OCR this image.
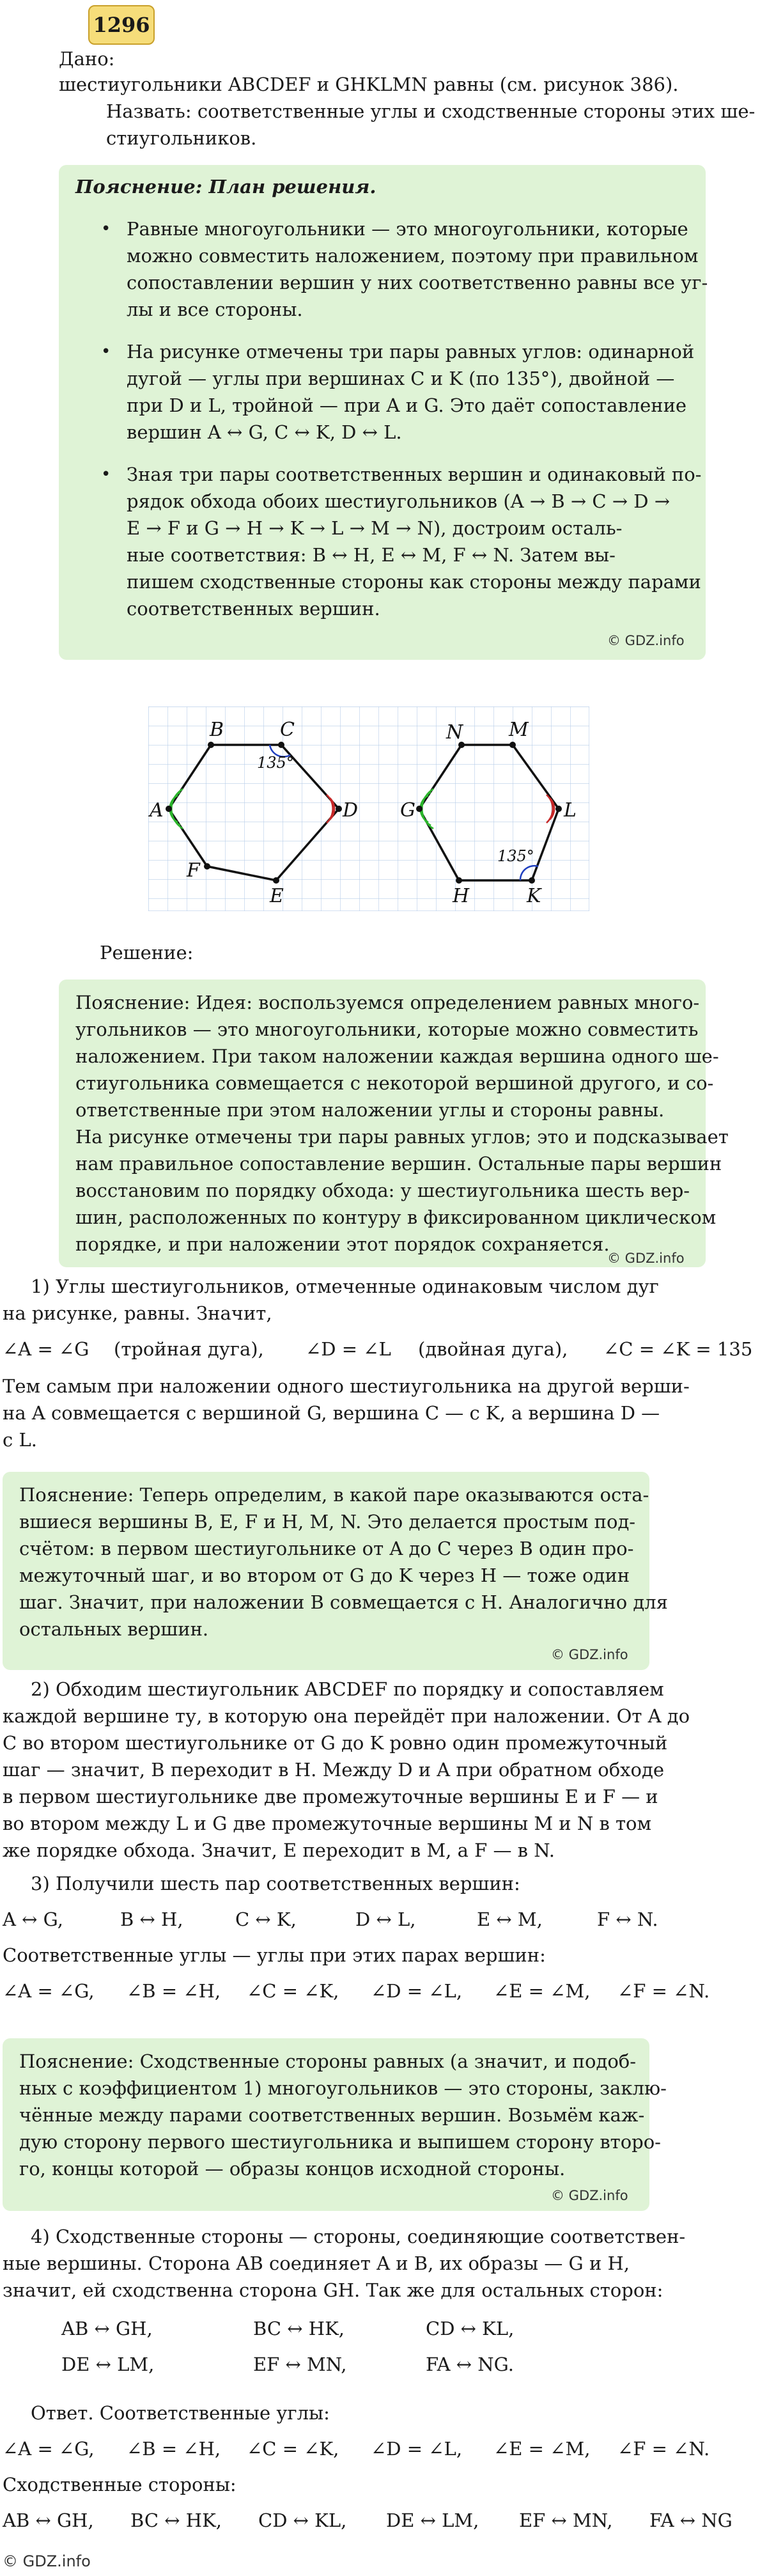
1296
Дано:
шестиугольники ABCDEF и GHKLMN равны (см. рисунок 386).
Назвать: соответственные углы и сходственные стороны этих ше-
стиугольников.
Пояснение: План решения.
• Равные многоугольники — это многоугольники, которые
можно совместить наложением, поэтому при правильном
сопоставлении вершин у них соответственно равны все уг-
лы и все стороны.
• На рисунке отмечены три пары равных углов: одинарной
дугой — углы при вершинах C и K (по 135°), двойной —
при D и L, тройной — при A и G. Это даёт сопоставление
вершин A ↔ G, C ↔ K, D ↔ L.
• Зная три пары соответственных вершин и одинаковый по-
рядок обхода обоих шестиугольников (A → B → C → D →
E → F и G → H → K → L → M → N), достроим осталь-
ные соответствия: B ↔ H, E ↔ M, F ↔ N. Затем вы-
пишем сходственные стороны как стороны между парами
соответственных вершин.
© GDZ.info
A
B	C
D
E
F
G
H	K
L
M
N
135°
135°
Решение:
Пояснение: Идея: воспользуемся определением равных много-
угольников — это многоугольники, которые можно совместить
наложением. При таком наложении каждая вершина одного ше-
стиугольника совмещается с некоторой вершиной другого, и со-
ответственные при этом наложении углы и стороны равны.
На рисунке отмечены три пары равных углов; это и подсказывает
нам правильное сопоставление вершин. Остальные пары вершин
восстановим по порядку обхода: у шестиугольника шесть вер-
шин, расположенных по контуру в фиксированном циклическом
порядке, и при наложении этот порядок сохраняется.
© GDZ.info
1) Углы шестиугольников, отмеченные одинаковым числом дуг
на рисунке, равны. Значит,
∠A = ∠G (тройная дуга), ∠D = ∠L (двойная дуга), ∠C = ∠K = 135
Тем самым при наложении одного шестиугольника на другой верши-
на A совмещается с вершиной G, вершина C — с K, а вершина D —
с L.
Пояснение: Теперь определим, в какой паре оказываются оста-
вшиеся вершины B, E, F и H, M, N. Это делается простым под-
счётом: в первом шестиугольнике от A до C через B один про-
межуточный шаг, и во втором от G до K через H — тоже один
шаг. Значит, при наложении B совмещается с H. Аналогично для
остальных вершин.
© GDZ.info
2) Обходим шестиугольник ABCDEF по порядку и сопоставляем
каждой вершине ту, в которую она перейдёт при наложении. От A до
C во втором шестиугольнике от G до K ровно один промежуточный
шаг — значит, B переходит в H. Между D и A при обратном обходе
в первом шестиугольнике две промежуточные вершины E и F — и
во втором между L и G две промежуточные вершины M и N в том
же порядке обхода. Значит, E переходит в M, а F — в N.
3) Получили шесть пар соответственных вершин:
A ↔ G,	B ↔ H,	C ↔ K,	D ↔ L,	E ↔ M,	F ↔ N.
Соответственные углы — углы при этих парах вершин:
∠A = ∠G, ∠B = ∠H, ∠C = ∠K, ∠D = ∠L, ∠E = ∠M, ∠F = ∠N.
Пояснение: Сходственные стороны равных (а значит, и подоб-
ных с коэффициентом 1) многоугольников — это стороны, заклю-
чённые между парами соответственных вершин. Возьмём каж-
дую сторону первого шестиугольника и выпишем сторону второ-
го, концы которой — образы концов исходной стороны.
© GDZ.info
4) Сходственные стороны — стороны, соединяющие соответствен-
ные вершины. Сторона AB соединяет A и B, их образы — G и H,
значит, ей сходственна сторона GH. Так же для остальных сторон:
AB ↔ GH,	BC ↔ HK,	CD ↔ KL,
DE ↔ LM,	EF ↔ MN,	FA ↔ NG.
Ответ. Соответственные углы:
∠A = ∠G, ∠B = ∠H, ∠C = ∠K, ∠D = ∠L, ∠E = ∠M, ∠F = ∠N.
Сходственные стороны:
AB ↔ GH, BC ↔ HK, CD ↔ KL, DE ↔ LM, EF ↔ MN, FA ↔ NG
© GDZ.info
